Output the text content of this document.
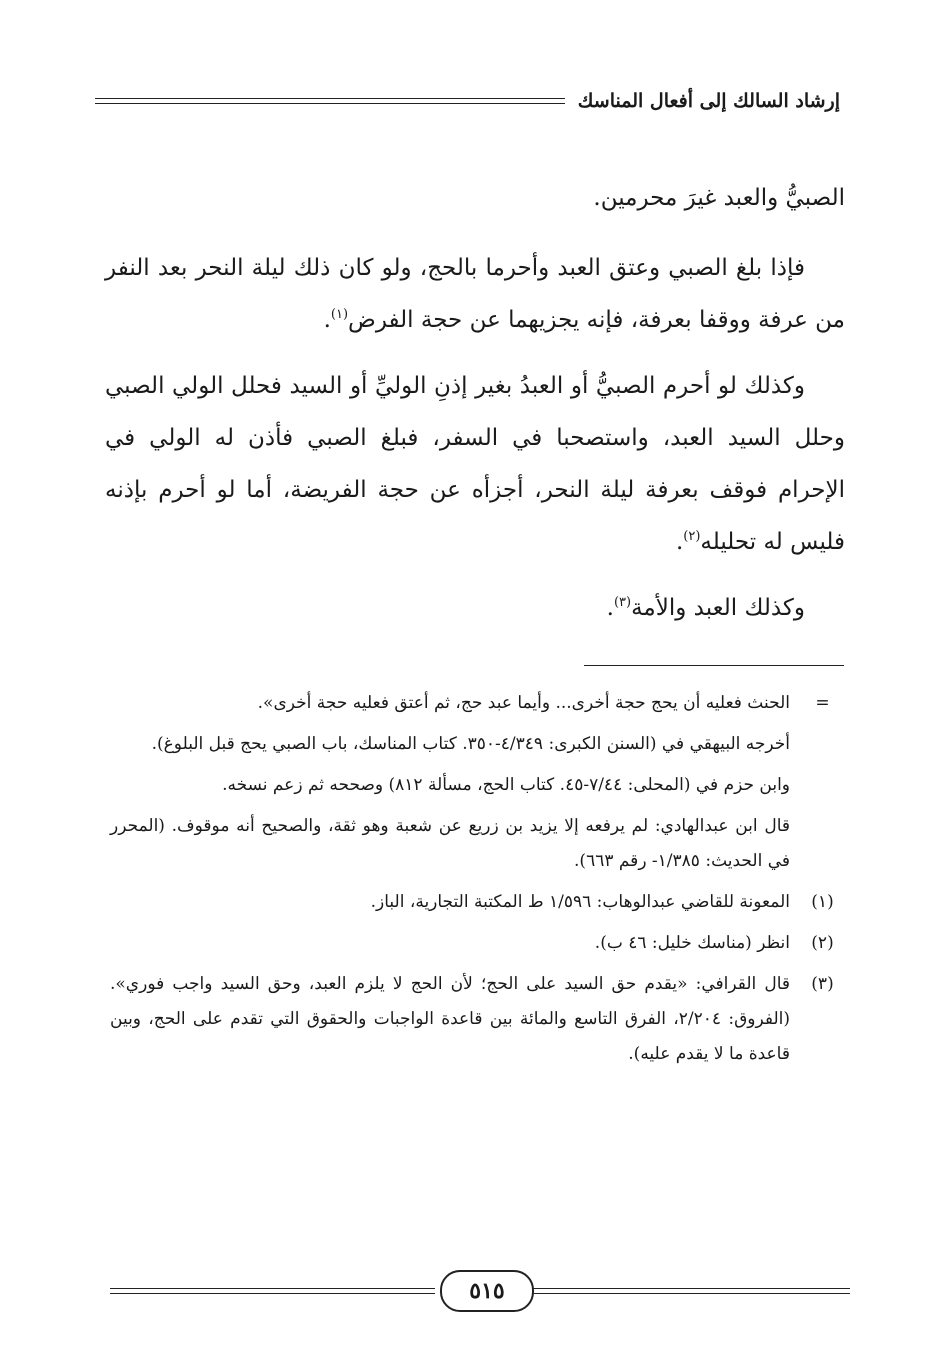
إرشاد السالك إلى أفعال المناسك

الصبيُّ والعبد غيرَ محرمين.

فإذا بلغ الصبي وعتق العبد وأحرما بالحج، ولو كان ذلك ليلة النحر بعد النفر من عرفة ووقفا بعرفة، فإنه يجزيهما عن حجة الفرض$^{(١)}$.

وكذلك لو أحرم الصبيُّ أو العبدُ بغير إذنِ الوليِّ أو السيد فحلل الولي الصبي وحلل السيد العبد، واستصحبا في السفر، فبلغ الصبي فأذن له الولي في الإحرام فوقف بعرفة ليلة النحر، أجزأه عن حجة الفريضة، أما لو أحرم بإذنه فليس له تحليله$^{(٢)}$.

وكذلك العبد والأمة$^{(٣)}$.

=
الحنث فعليه أن يحج حجة أخرى... وأيما عبد حج، ثم أعتق فعليه حجة أخرى».
أخرجه البيهقي في (السنن الكبرى: ٤/٣٤٩-٣٥٠. كتاب المناسك، باب الصبي يحج قبل البلوغ).
وابن حزم في (المحلى: ٧/٤٤-٤٥. كتاب الحج، مسألة ٨١٢) وصححه ثم زعم نسخه.
قال ابن عبدالهادي: لم يرفعه إلا يزيد بن زريع عن شعبة وهو ثقة، والصحيح أنه موقوف. (المحرر في الحديث: ١/٣٨٥- رقم ٦٦٣).
(١)
المعونة للقاضي عبدالوهاب: ١/٥٩٦ ط المكتبة التجارية، الباز.
(٢)
انظر (مناسك خليل: ٤٦ ب).
(٣)
قال القرافي: «يقدم حق السيد على الحج؛ لأن الحج لا يلزم العبد، وحق السيد واجب فوري». (الفروق: ٢/٢٠٤، الفرق التاسع والمائة بين قاعدة الواجبات والحقوق التي تقدم على الحج، وبين قاعدة ما لا يقدم عليه).
٥١٥
